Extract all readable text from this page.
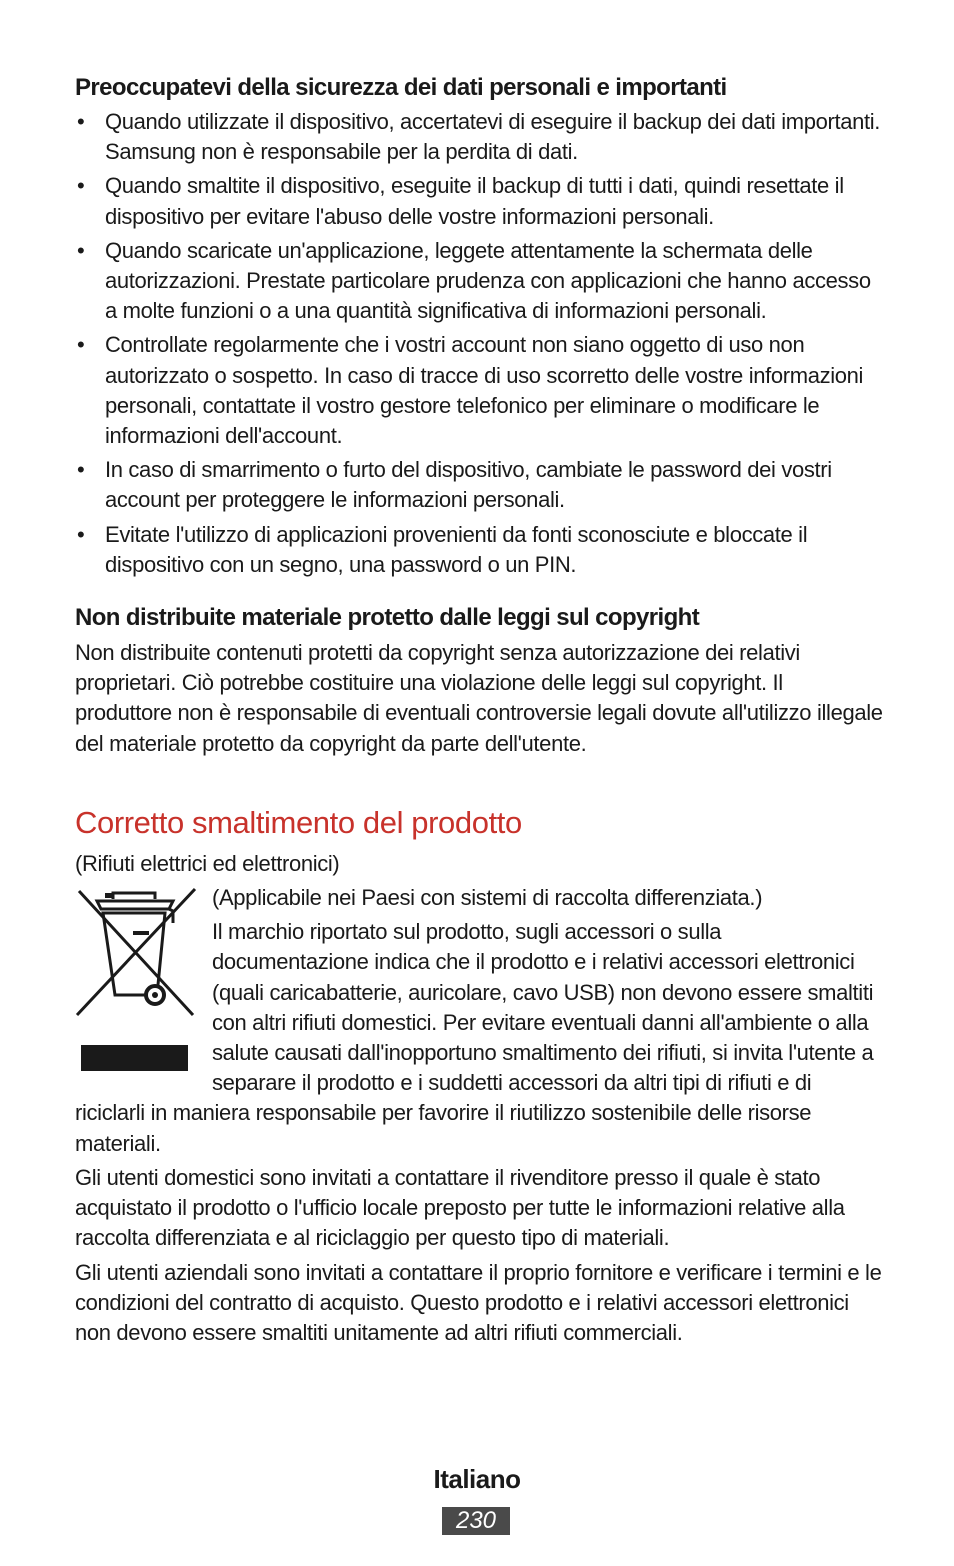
Preoccupatevi della sicurezza dei dati personali e importanti
• Quando utilizzate il dispositivo, accertatevi di eseguire il backup dei dati importanti. Samsung non è responsabile per la perdita di dati.
• Quando smaltite il dispositivo, eseguite il backup di tutti i dati, quindi resettate il dispositivo per evitare l'abuso delle vostre informazioni personali.
• Quando scaricate un'applicazione, leggete attentamente la schermata delle autorizzazioni. Prestate particolare prudenza con applicazioni che hanno accesso a molte funzioni o a una quantità significativa di informazioni personali.
• Controllate regolarmente che i vostri account non siano oggetto di uso non autorizzato o sospetto. In caso di tracce di uso scorretto delle vostre informazioni personali, contattate il vostro gestore telefonico per eliminare o modificare le informazioni dell'account.
• In caso di smarrimento o furto del dispositivo, cambiate le password dei vostri account per proteggere le informazioni personali.
• Evitate l'utilizzo di applicazioni provenienti da fonti sconosciute e bloccate il dispositivo con un segno, una password o un PIN.
Non distribuite materiale protetto dalle leggi sul copyright

Non distribuite contenuti protetti da copyright senza autorizzazione dei relativi proprietari. Ciò potrebbe costituire una violazione delle leggi sul copyright. Il produttore non è responsabile di eventuali controversie legali dovute all'utilizzo illegale del materiale protetto da copyright da parte dell'utente.

Corretto smaltimento del prodotto

(Rifiuti elettrici ed elettronici)

(Applicabile nei Paesi con sistemi di raccolta differenziata.)

Il marchio riportato sul prodotto, sugli accessori o sulla documentazione indica che il prodotto e i relativi accessori elettronici (quali caricabatterie, auricolare, cavo USB) non devono essere smaltiti con altri rifiuti domestici. Per evitare eventuali danni all'ambiente o alla salute causati dall'inopportuno smaltimento dei rifiuti, si invita l'utente a separare il prodotto e i suddetti accessori da altri tipi di rifiuti e di riciclarli in maniera responsabile per favorire il riutilizzo sostenibile delle risorse materiali.

Gli utenti domestici sono invitati a contattare il rivenditore presso il quale è stato acquistato il prodotto o l'ufficio locale preposto per tutte le informazioni relative alla raccolta differenziata e al riciclaggio per questo tipo di materiali.

Gli utenti aziendali sono invitati a contattare il proprio fornitore e verificare i termini e le condizioni del contratto di acquisto. Questo prodotto e i relativi accessori elettronici non devono essere smaltiti unitamente ad altri rifiuti commerciali.

Italiano
230
